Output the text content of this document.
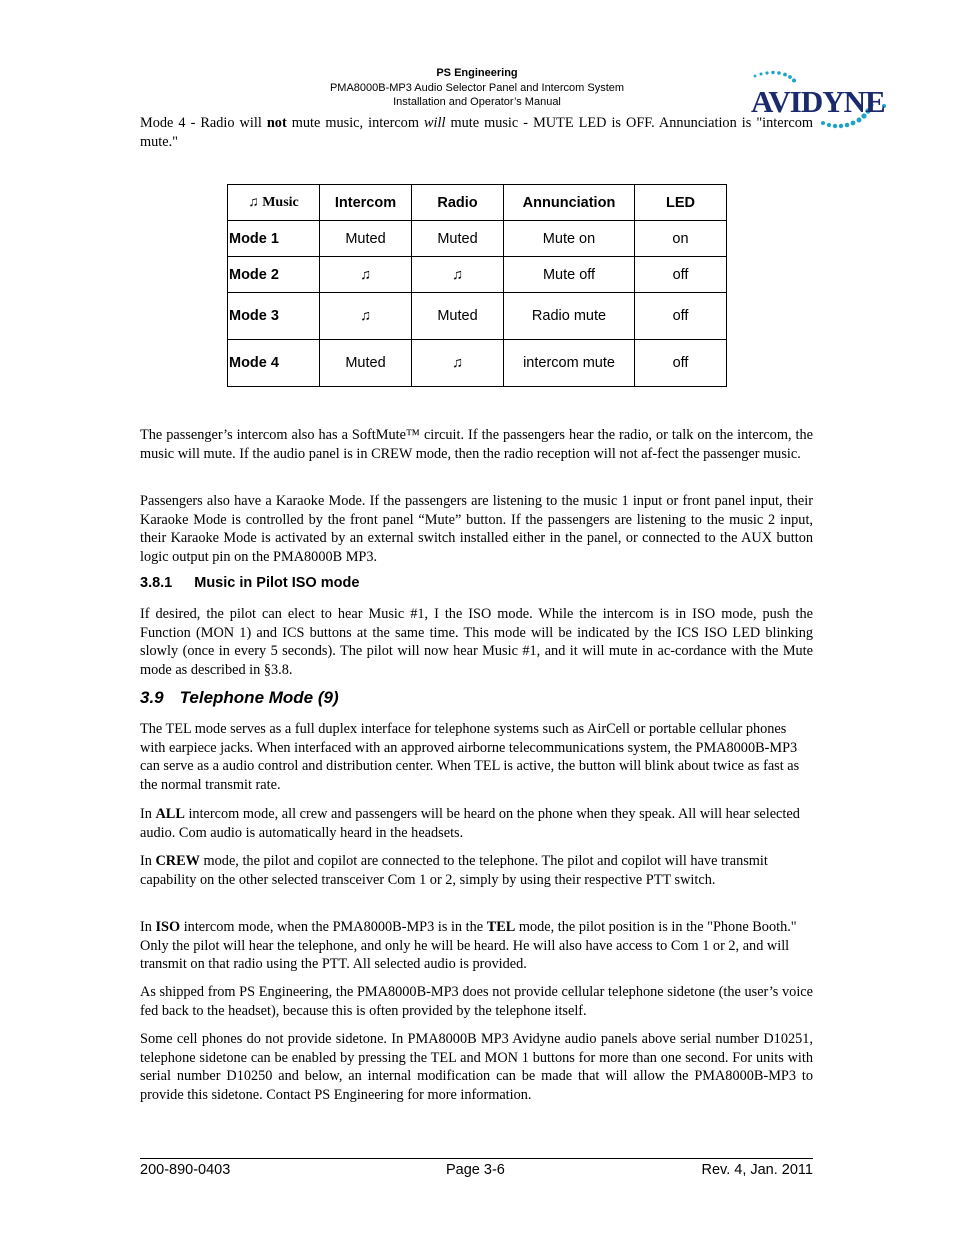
PS Engineering
PMA8000B-MP3 Audio Selector Panel and Intercom System
Installation and Operator’s Manual	AVIDYNE

Mode 4 - Radio will not mute music, intercom will mute music - MUTE LED is OFF. Annunciation is "intercom mute."

♫ Music	Intercom	Radio	Annunciation	LED
Mode 1	Muted	Muted	Mute on	on
Mode 2	♫	♫	Mute off	off
Mode 3	♫	Muted	Radio mute	off
Mode 4	Muted	♫	intercom mute	off

The passenger’s intercom also has a SoftMute™ circuit. If the passengers hear the radio, or talk on the intercom, the music will mute. If the audio panel is in CREW mode, then the radio reception will not af-fect the passenger music.

Passengers also have a Karaoke Mode. If the passengers are listening to the music 1 input or front panel input, their Karaoke Mode is controlled by the front panel “Mute” button. If the passengers are listening to the music 2 input, their Karaoke Mode is activated by an external switch installed either in the panel, or connected to the AUX button logic output pin on the PMA8000B MP3.

3.8.1 Music in Pilot ISO mode

If desired, the pilot can elect to hear Music #1, I the ISO mode. While the intercom is in ISO mode, push the Function (MON 1) and ICS buttons at the same time. This mode will be indicated by the ICS ISO LED blinking slowly (once in every 5 seconds). The pilot will now hear Music #1, and it will mute in ac-cordance with the Mute mode as described in §3.8.

3.9 Telephone Mode (9)

The TEL mode serves as a full duplex interface for telephone systems such as AirCell or portable cellular phones with earpiece jacks. When interfaced with an approved airborne telecommunications system, the PMA8000B-MP3 can serve as a audio control and distribution center. When TEL is active, the button will blink about twice as fast as the normal transmit rate.

In ALL intercom mode, all crew and passengers will be heard on the phone when they speak. All will hear selected audio. Com audio is automatically heard in the headsets.

In CREW mode, the pilot and copilot are connected to the telephone. The pilot and copilot will have transmit capability on the other selected transceiver Com 1 or 2, simply by using their respective PTT switch.

In ISO intercom mode, when the PMA8000B-MP3 is in the TEL mode, the pilot position is in the "Phone Booth." Only the pilot will hear the telephone, and only he will be heard. He will also have access to Com 1 or 2, and will transmit on that radio using the PTT. All selected audio is provided.

As shipped from PS Engineering, the PMA8000B-MP3 does not provide cellular telephone sidetone (the user’s voice fed back to the headset), because this is often provided by the telephone itself.

Some cell phones do not provide sidetone. In PMA8000B MP3 Avidyne audio panels above serial number D10251, telephone sidetone can be enabled by pressing the TEL and MON 1 buttons for more than one second. For units with serial number D10250 and below, an internal modification can be made that will allow the PMA8000B-MP3 to provide this sidetone. Contact PS Engineering for more information.

200-890-0403	Page 3-6	Rev. 4, Jan. 2011
